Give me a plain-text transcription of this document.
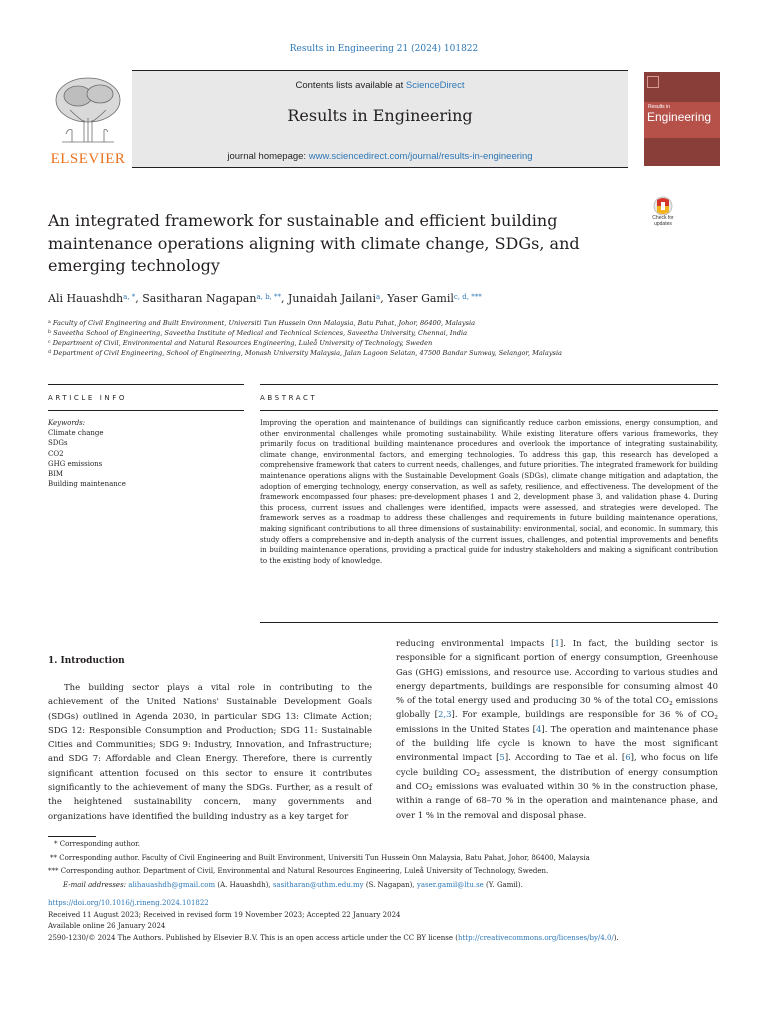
Results in Engineering 21 (2024) 101822
ELSEVIER
Contents lists available at ScienceDirect
Results in Engineering
journal homepage: www.sciencedirect.com/journal/results-in-engineering
Results in
Engineering
Check for
updates
An integrated framework for sustainable and efficient building
maintenance operations aligning with climate change, SDGs, and
emerging technology
Ali Hauashdh$^{a, *}$, Sasitharan Nagapan$^{a, b, **}$, Junaidah Jailani$^a$, Yaser Gamil$^{c, d, ***}$
$^a$ Faculty of Civil Engineering and Built Environment, Universiti Tun Hussein Onn Malaysia, Batu Pahat, Johor, 86400, Malaysia
$^b$ Saveetha School of Engineering, Saveetha Institute of Medical and Technical Sciences, Saveetha University, Chennai, India
$^c$ Department of Civil, Environmental and Natural Resources Engineering, Luleå University of Technology, Sweden
$^d$ Department of Civil Engineering, School of Engineering, Monash University Malaysia, Jalan Lagoon Selatan, 47500 Bandar Sunway, Selangor, Malaysia
ARTICLE INFO	ABSTRACT
Keywords:
Climate change
SDGs
CO2
GHG emissions
BIM
Building maintenance
Improving the operation and maintenance of buildings can significantly reduce carbon emissions, energy consumption, and other environmental challenges while promoting sustainability. While existing literature offers various frameworks, they primarily focus on traditional building maintenance procedures and overlook the importance of integrating sustainability, climate change, environmental factors, and emerging technologies. To address this gap, this research has developed a comprehensive framework that caters to current needs, challenges, and future priorities. The integrated framework for building maintenance operations aligns with the Sustainable Development Goals (SDGs), climate change mitigation and adaptation, the adoption of emerging technology, energy conservation, as well as safety, resilience, and effectiveness. The development of the framework encompassed four phases: pre-development phases 1 and 2, development phase 3, and validation phase 4. During this process, current issues and challenges were identified, impacts were assessed, and strategies were developed. The framework serves as a roadmap to address these challenges and requirements in future building maintenance operations, making significant contributions to all three dimensions of sustainability: environmental, social, and economic. In summary, this study offers a comprehensive and in-depth analysis of the current issues, challenges, and potential improvements and benefits in building maintenance operations, providing a practical guide for industry stakeholders and making a significant contribution to the existing body of knowledge.
1. Introduction
The building sector plays a vital role in contributing to the achievement of the United Nations' Sustainable Development Goals (SDGs) outlined in Agenda 2030, in particular SDG 13: Climate Action; SDG 12: Responsible Consumption and Production; SDG 11: Sustainable Cities and Communities; SDG 9: Industry, Innovation, and Infrastructure; and SDG 7: Affordable and Clean Energy. Therefore, there is currently significant attention focused on this sector to ensure it contributes significantly to the achievement of many the SDGs. Further, as a result of the heightened sustainability concern, many governments and organizations have identified the building industry as a key target for
reducing environmental impacts [1]. In fact, the building sector is responsible for a significant portion of energy consumption, Greenhouse Gas (GHG) emissions, and resource use. According to various studies and energy departments, buildings are responsible for consuming almost 40 % of the total energy used and producing 30 % of the total $CO_2$ emissions globally [2,3]. For example, buildings are responsible for 36 % of $CO_2$ emissions in the United States [4]. The operation and maintenance phase of the building life cycle is known to have the most significant environmental impact [5]. According to Tae et al. [6], who focus on life cycle building $CO_2$ assessment, the distribution of energy consumption and $CO_2$ emissions was evaluated within 30 % in the construction phase, within a range of 68–70 % in the operation and maintenance phase, and over 1 % in the removal and disposal phase.
* Corresponding author.
** Corresponding author. Faculty of Civil Engineering and Built Environment, Universiti Tun Hussein Onn Malaysia, Batu Pahat, Johor, 86400, Malaysia
*** Corresponding author. Department of Civil, Environmental and Natural Resources Engineering, Luleå University of Technology, Sweden.
E-mail addresses: alihauashdh@gmail.com (A. Hauashdh), sasitharan@uthm.edu.my (S. Nagapan), yaser.gamil@ltu.se (Y. Gamil).
https://doi.org/10.1016/j.rineng.2024.101822
Received 11 August 2023; Received in revised form 19 November 2023; Accepted 22 January 2024
Available online 26 January 2024
2590-1230/© 2024 The Authors. Published by Elsevier B.V. This is an open access article under the CC BY license (http://creativecommons.org/licenses/by/4.0/).
